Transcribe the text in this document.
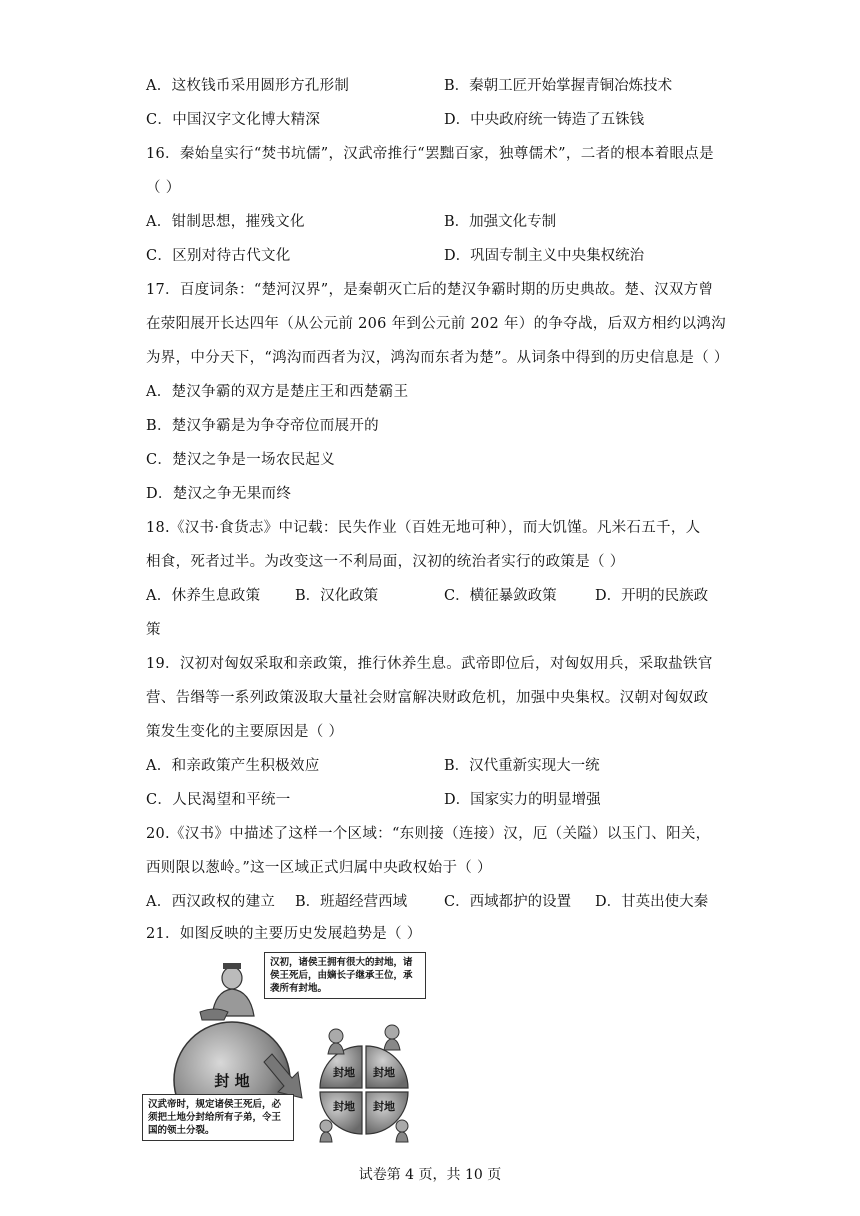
A．这枚钱币采用圆形方孔形制	B．秦朝工匠开始掌握青铜冶炼技术
C．中国汉字文化博大精深	D．中央政府统一铸造了五铢钱
16．秦始皇实行“焚书坑儒”，汉武帝推行“罢黜百家，独尊儒术”，二者的根本着眼点是
（ ）
A．钳制思想，摧残文化	B．加强文化专制
C．区别对待古代文化	D．巩固专制主义中央集权统治
17．百度词条：“楚河汉界”，是秦朝灭亡后的楚汉争霸时期的历史典故。楚、汉双方曾
在荥阳展开长达四年（从公元前 206 年到公元前 202 年）的争夺战，后双方相约以鸿沟
为界，中分天下，“鸿沟而西者为汉，鸿沟而东者为楚”。从词条中得到的历史信息是（ ）
A．楚汉争霸的双方是楚庄王和西楚霸王
B．楚汉争霸是为争夺帝位而展开的
C．楚汉之争是一场农民起义
D．楚汉之争无果而终
18.《汉书·食货志》中记载：民失作业（百姓无地可种），而大饥馑。凡米石五千，人
相食，死者过半。为改变这一不利局面，汉初的统治者实行的政策是（ ）
A．休养生息政策 B．汉化政策	C．横征暴敛政策	D．开明的民族政
策
19．汉初对匈奴采取和亲政策，推行休养生息。武帝即位后，对匈奴用兵，采取盐铁官
营、告缗等一系列政策汲取大量社会财富解决财政危机，加强中央集权。汉朝对匈奴政
策发生变化的主要原因是（ ）
A．和亲政策产生积极效应	B．汉代重新实现大一统
C．人民渴望和平统一	D．国家实力的明显增强
20.《汉书》中描述了这样一个区域：“东则接（连接）汉，厄（关隘）以玉门、阳关，
西则限以葱岭。”这一区域正式归属中央政权始于（ ）
A．西汉政权的建立 B．班超经营西域	C．西域都护的设置 D．甘英出使大秦
21．如图反映的主要历史发展趋势是（ ）
封 地	封地 封地
封地 封地
汉初，诸侯王拥有很大的封地，诸侯王死后，由嫡长子继承王位，承袭所有封地。
汉武帝时，规定诸侯王死后，必须把土地分封给所有子弟，令王国的领土分裂。
试卷第 4 页，共 10 页
